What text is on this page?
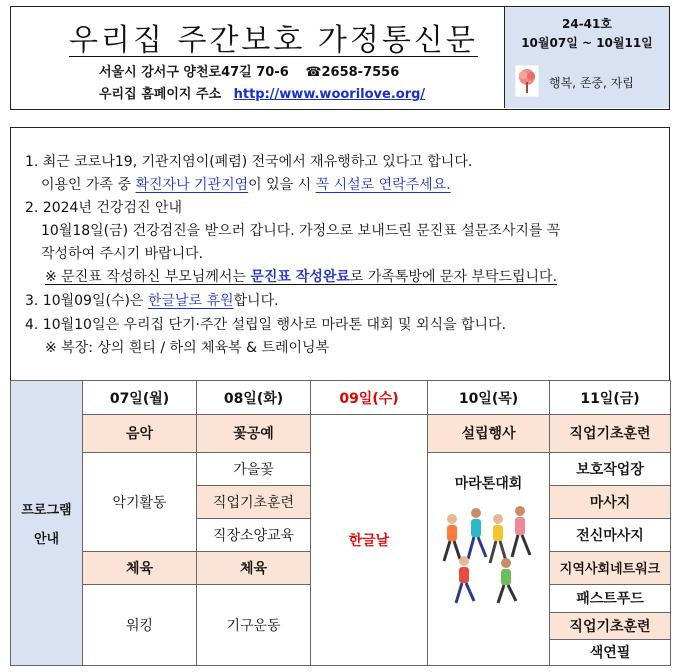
우리집 주간보호 가정통신문
서울시 강서구 양천로47길 70-6 ☎2658-7556
우리집 홈페이지 주소 http://www.woorilove.org/
24-41호
10월07일 ~ 10월11일
행복, 존중, 자립
1. 최근 코로나19, 기관지염이(폐렴) 전국에서 재유행하고 있다고 합니다.
이용인 가족 중 확진자나 기관지염이 있을 시 꼭 시설로 연락주세요.
2. 2024년 건강검진 안내
10월18일(금) 건강검진을 받으러 갑니다. 가정으로 보내드린 문진표 설문조사지를 꼭
작성하여 주시기 바랍니다.
※ 문진표 작성하신 부모님께서는 문진표 작성완료로 가족톡방에 문자 부탁드립니다.
3. 10월09일(수)은 한글날로 휴원합니다.
4. 10월10일은 우리집 단기·주간 설립일 행사로 마라톤 대회 및 외식을 합니다.
※ 복장: 상의 흰티 / 하의 체육복 & 트레이닝복
프로그램
안내	07일(월)	08일(화)	09일(수)	10일(목)	11일(금)
	음악	꽃공예	한글날	설립행사	직업기초훈련
	악기활동	가을꽃		마라톤대회	보호작업장
		직업기초훈련			마사지
		직장소양교육			전신마사지
	체육	체육			지역사회네트워크
	워킹	기구운동			패스트푸드
					직업기초훈련
					색연필
